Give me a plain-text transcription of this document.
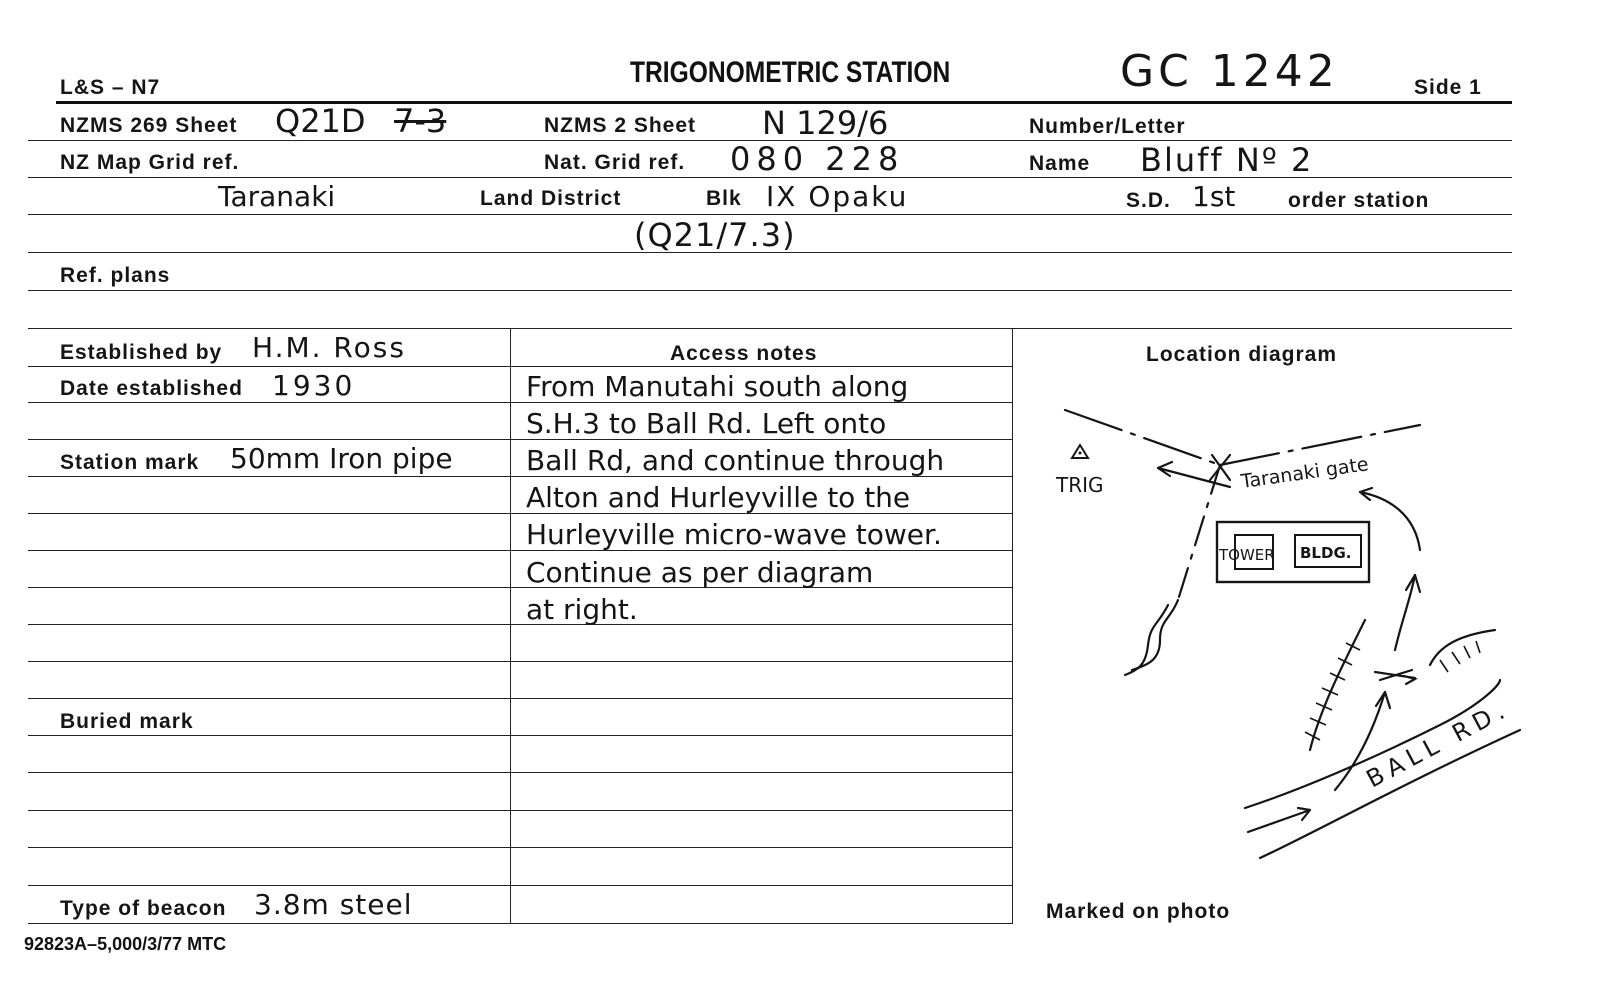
L&S – N7	TRIGONOMETRIC STATION	GC 1242	Side 1
NZMS 269 Sheet Q21D 7-3	NZMS 2 Sheet N 129/6	Number/Letter
NZ Map Grid ref.	Nat. Grid ref. 080 228	Name Bluff Nº 2
Taranaki	Land District	Blk IX Opaku	S.D. 1st	order station
(Q21/7.3)
Ref. plans
Established by H.M. Ross
Date established 1930
Station mark 50mm Iron pipe
Buried mark
Type of beacon 3.8m steel
Access notes
From Manutahi south along
S.H.3 to Ball Rd. Left onto
Ball Rd, and continue through
Alton and Hurleyville to the
Hurleyville micro-wave tower.
Continue as per diagram
at right.
Location diagram
TRIG	Taranaki gate
TOWER BLDG.
BALL RD.
Marked on photo
92823A–5,000/3/77 MTC
